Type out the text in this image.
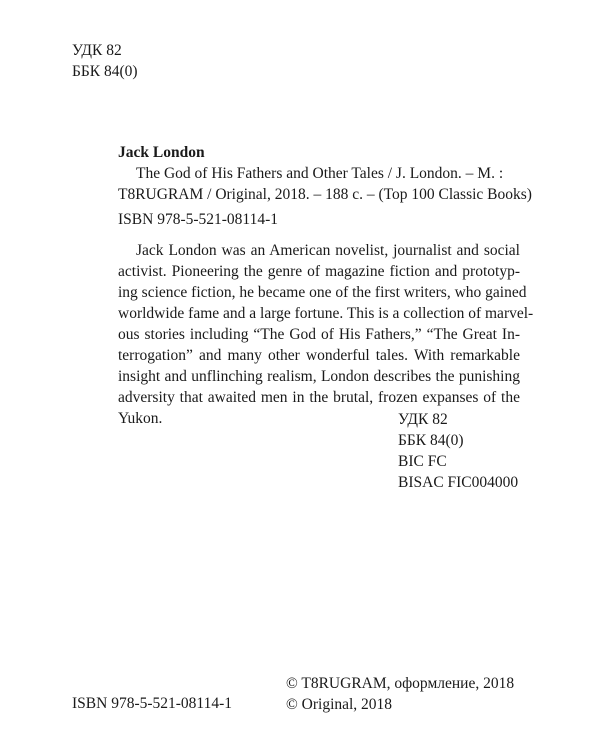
УДК 82
ББК 84(0)
Jack London
The God of His Fathers and Other Tales / J. London. – M. :
T8RUGRAM / Original, 2018. – 188 c. – (Top 100 Classic Books)
ISBN 978-5-521-08114-1
Jack London was an American novelist, journalist and social
activist. Pioneering the genre of magazine fiction and prototyp-
ing science fiction, he became one of the first writers, who gained
worldwide fame and a large fortune. This is a collection of marvel-
ous stories including “The God of His Fathers,” “The Great In-
terrogation” and many other wonderful tales. With remarkable
insight and unflinching realism, London describes the punishing
adversity that awaited men in the brutal, frozen expanses of the
Yukon.	УДК 82
ББК 84(0)
BIC FC
BISAC FIC004000
ISBN 978-5-521-08114-1
© T8RUGRAM, оформление, 2018
© Original, 2018
